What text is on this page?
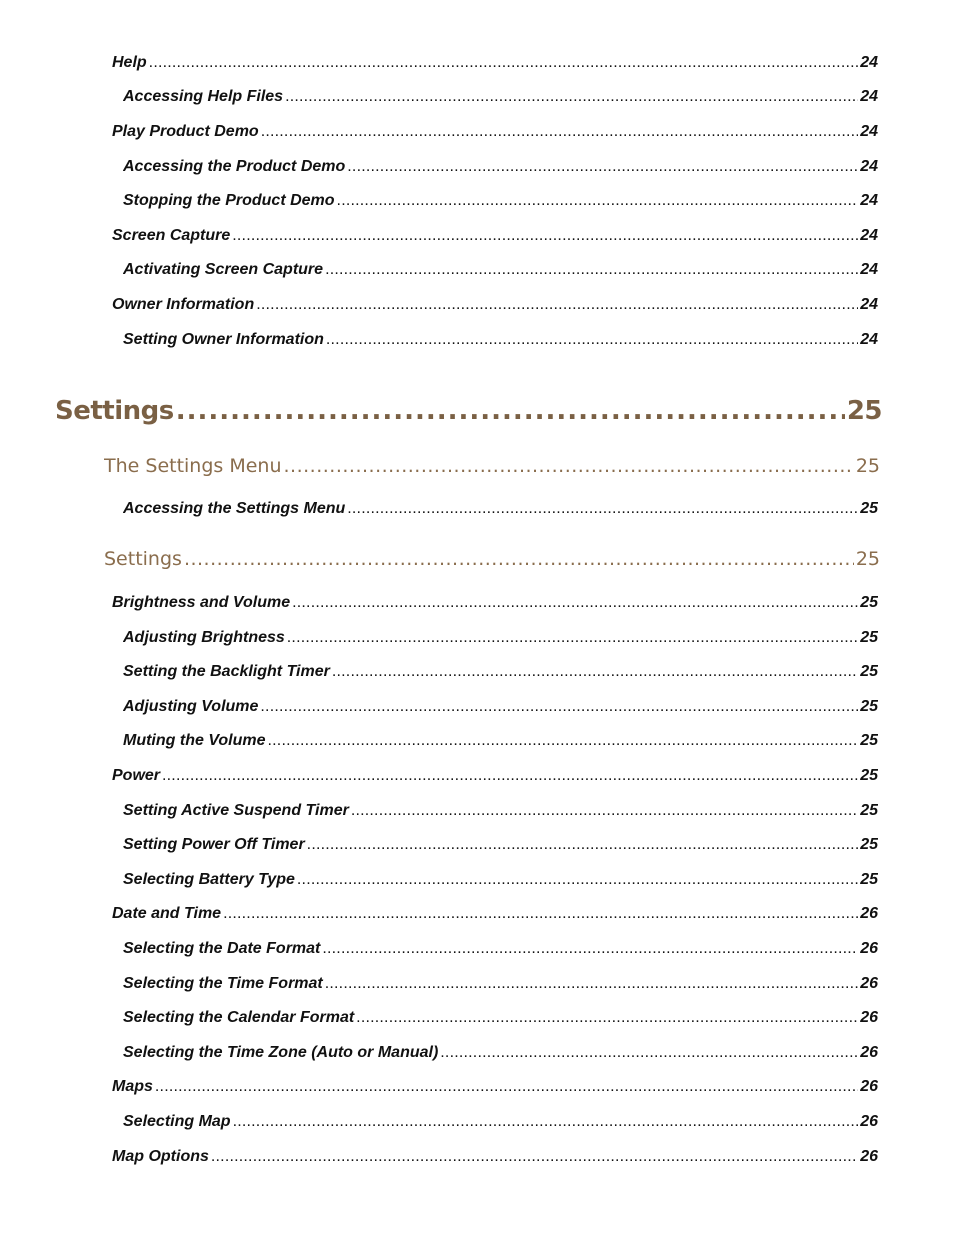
Help .....	24
Accessing Help Files .....	24
Play Product Demo .....	24
Accessing the Product Demo .....	24
Stopping the Product Demo .....	24
Screen Capture .....	24
Activating Screen Capture .....	24
Owner Information .....	24
Setting Owner Information .....	24
Settings .....	25
The Settings Menu .....	25
Accessing the Settings Menu .....	25
Settings .....	25
Brightness and Volume .....	25
Adjusting Brightness .....	25
Setting the Backlight Timer .....	25
Adjusting Volume .....	25
Muting the Volume .....	25
Power .....	25
Setting Active Suspend Timer .....	25
Setting Power Off Timer .....	25
Selecting Battery Type .....	25
Date and Time .....	26
Selecting the Date Format .....	26
Selecting the Time Format .....	26
Selecting the Calendar Format .....	26
Selecting the Time Zone (Auto or Manual) .....	26
Maps .....	26
Selecting Map .....	26
Map Options .....	26
